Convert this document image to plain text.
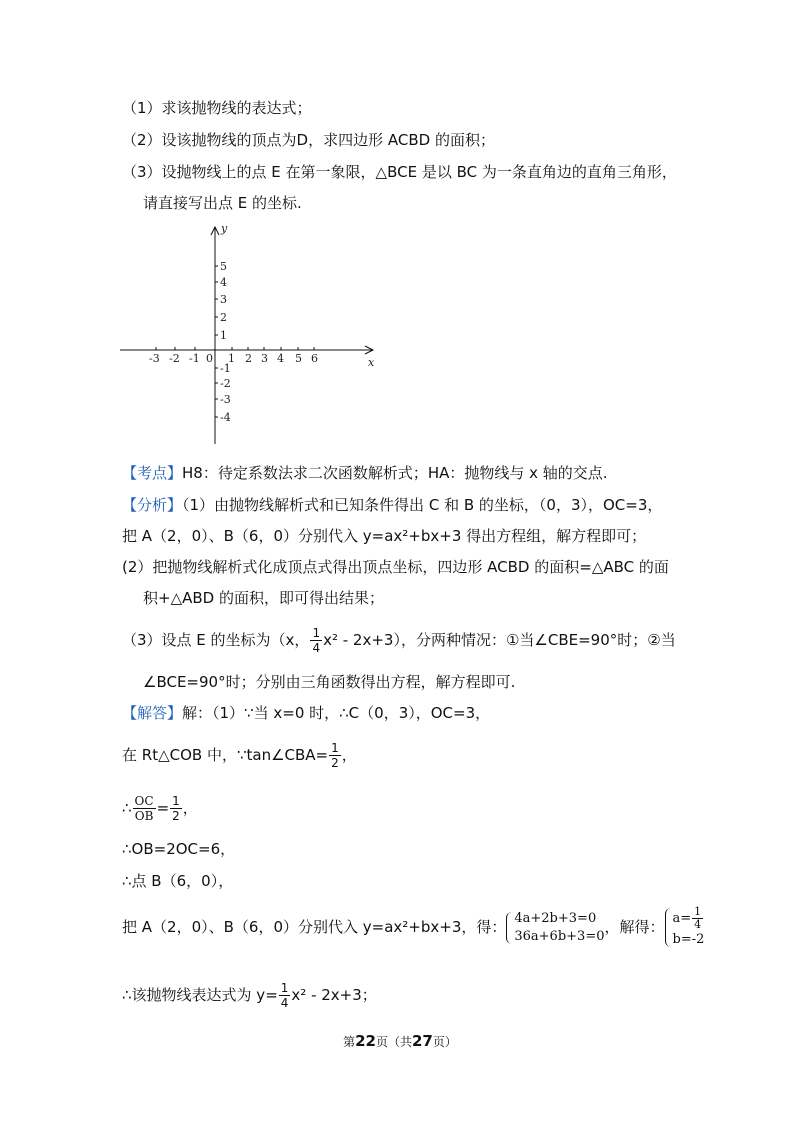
（1）求该抛物线的表达式；
（2）设该抛物线的顶点为D，求四边形 ACBD 的面积；
（3）设抛物线上的点 E 在第一象限，△BCE 是以 BC 为一条直角边的直角三角形，
请直接写出点 E 的坐标.
x
y
0
-3 -2 -1	1 2 3 4 5 6
5
4
3
2
1
-1
-2
-3
-4
【考点】H8：待定系数法求二次函数解析式；HA：抛物线与 x 轴的交点.
【分析】（1）由抛物线解析式和已知条件得出 C 和 B 的坐标，（0，3），OC=3，
把 A（2，0）、B（6，0）分别代入 y=ax²+bx+3 得出方程组，解方程即可；
(2）把抛物线解析式化成顶点式得出顶点坐标，四边形 ACBD 的面积=△ABC 的面
积+△ABD 的面积，即可得出结果；
（3）设点 E 的坐标为（x， $\frac{1}{4} x^2 - 2x+3$），分两种情况：①当∠CBE=90°时；②当
∠BCE=90°时；分别由三角函数得出方程，解方程即可.
【解答】解：（1）∵当 x=0 时，∴C（0，3），OC=3，
在 Rt△COB 中，∵tan∠CBA= $\frac{1}{2}$ ，
∴ $\frac{OC}{OB} = \frac{1}{2}$ ，
∴OB=2OC=6，
∴点 B（6，0），
把 A（2，0）、B（6，0）分别代入 y=ax²+bx+3，得： 4a+2b+3=0
36a+6b+3=0 ，解得： $a= \frac{1}{4}$
b=-2
∴该抛物线表达式为 $y= \frac{1}{4} x^2 - 2x+3$；
第22页（共27页）
